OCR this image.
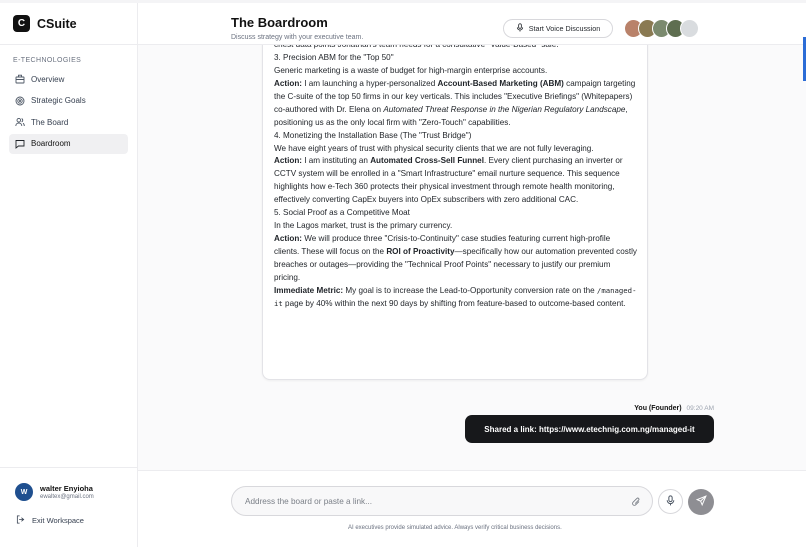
C CSuite
E-TECHNOLOGIES
Overview
Strategic Goals
The Board
Boardroom
W	walter Enyioha
ewaltex@gmail.com
Exit Workspace

3. Precision ABM for the "Top 50"

Generic marketing is a waste of budget for high-margin enterprise accounts.

Action: I am launching a hyper-personalized Account-Based Marketing (ABM) campaign targeting the C-suite of the top 50 firms in our key verticals. This includes "Executive Briefings" (Whitepapers) co-authored with Dr. Elena on Automated Threat Response in the Nigerian Regulatory Landscape, positioning us as the only local firm with "Zero-Touch" capabilities.

4. Monetizing the Installation Base (The "Trust Bridge")

We have eight years of trust with physical security clients that we are not fully leveraging.

Action: I am instituting an Automated Cross-Sell Funnel. Every client purchasing an inverter or CCTV system will be enrolled in a "Smart Infrastructure" email nurture sequence. This sequence highlights how e-Tech 360 protects their physical investment through remote health monitoring, effectively converting CapEx buyers into OpEx subscribers with zero additional CAC.

5. Social Proof as a Competitive Moat

In the Lagos market, trust is the primary currency.

Action: We will produce three "Crisis-to-Continuity" case studies featuring current high-profile clients. These will focus on the ROI of Proactivity—specifically how our automation prevented costly breaches or outages—providing the "Technical Proof Points" necessary to justify our premium pricing.

Immediate Metric: My goal is to increase the Lead-to-Opportunity conversion rate on the /managed-it page by 40% within the next 90 days by shifting from feature-based to outcome-based content.

You (Founder) 09:20 AM
Shared a link: https://www.etechnig.com.ng/managed-it
The Boardroom
Discuss strategy with your executive team.
Start Voice Discussion
Address the board or paste a link...
AI executives provide simulated advice. Always verify critical business decisions.
